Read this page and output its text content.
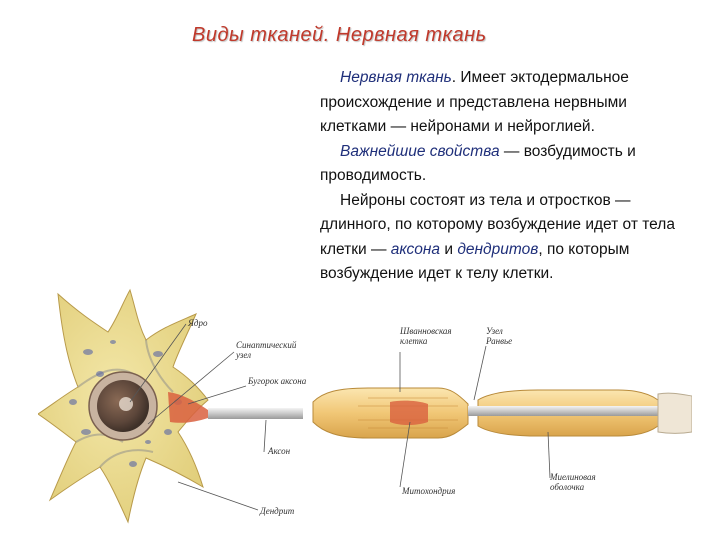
Виды тканей. Нервная ткань

Нервная ткань. Имеет эктодермальное происхождение и представлена нервными клетками — нейронами и нейроглией.

Важнейшие свойства — возбудимость и проводимость.

Нейроны состоят из тела и отростков — длинного, по которому возбуждение идет от тела клетки — аксона и дендритов, по которым возбуждение идет к телу клетки.

Ядро
Синаптический
узел
Бугорок аксона
Аксон
Дендрит
Шванновская
клетка
Узел
Ранвье
Митохондрия
Миелиновая
оболочка
